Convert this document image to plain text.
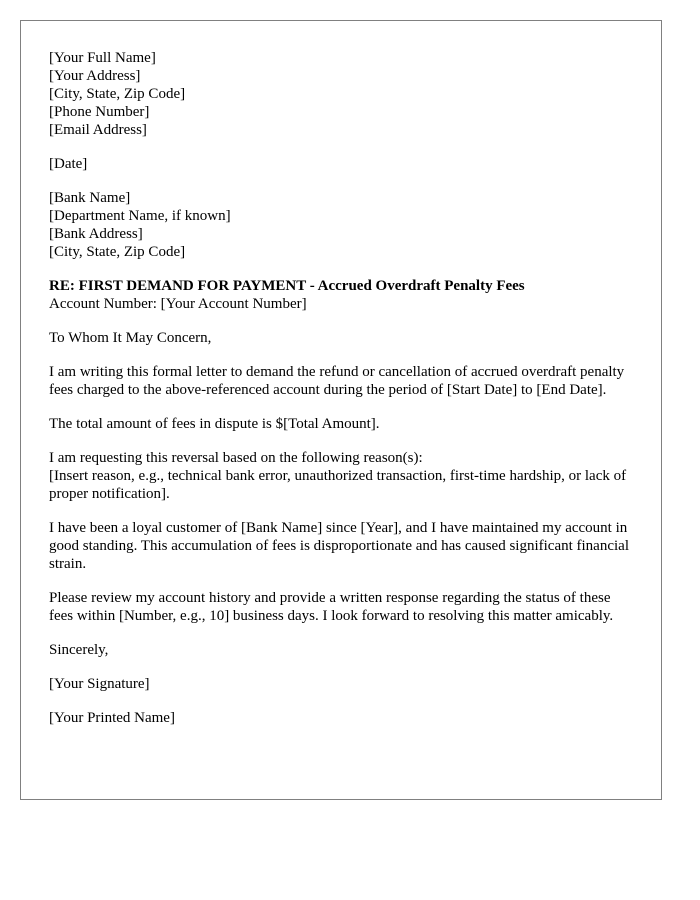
[Your Full Name]
[Your Address]
[City, State, Zip Code]
[Phone Number]
[Email Address]
[Date]
[Bank Name]
[Department Name, if known]
[Bank Address]
[City, State, Zip Code]
RE: FIRST DEMAND FOR PAYMENT - Accrued Overdraft Penalty Fees
Account Number: [Your Account Number]

To Whom It May Concern,

I am writing this formal letter to demand the refund or cancellation of accrued overdraft penalty fees charged to the above-referenced account during the period of [Start Date] to [End Date].

The total amount of fees in dispute is $[Total Amount].

I am requesting this reversal based on the following reason(s):
[Insert reason, e.g., technical bank error, unauthorized transaction, first-time hardship, or lack of proper notification].

I have been a loyal customer of [Bank Name] since [Year], and I have maintained my account in good standing. This accumulation of fees is disproportionate and has caused significant financial strain.

Please review my account history and provide a written response regarding the status of these fees within [Number, e.g., 10] business days. I look forward to resolving this matter amicably.

Sincerely,

[Your Signature]

[Your Printed Name]
